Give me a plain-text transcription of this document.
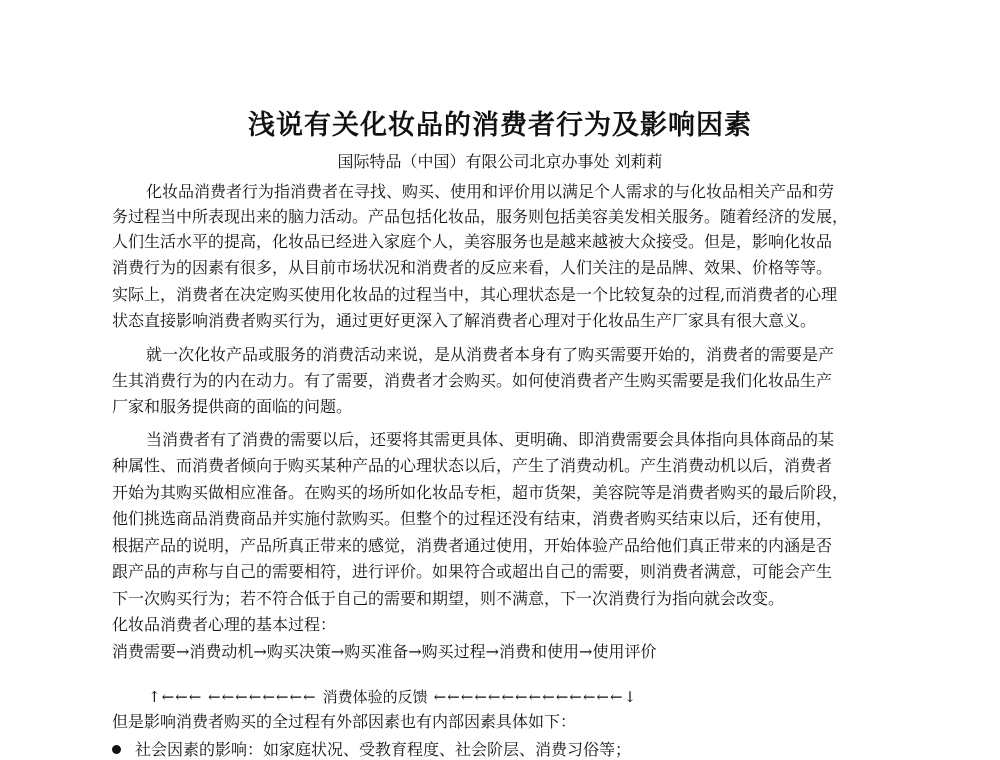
浅说有关化妆品的消费者行为及影响因素
国际特品（中国）有限公司北京办事处 刘莉莉
化妆品消费者行为指消费者在寻找、购买、使用和评价用以满足个人需求的与化妆品相关产品和劳
务过程当中所表现出来的脑力活动。产品包括化妆品，服务则包括美容美发相关服务。随着经济的发展，
人们生活水平的提高，化妆品已经进入家庭个人，美容服务也是越来越被大众接受。但是，影响化妆品
消费行为的因素有很多，从目前市场状况和消费者的反应来看，人们关注的是品牌、效果、价格等等。
实际上，消费者在决定购买使用化妆品的过程当中，其心理状态是一个比较复杂的过程,而消费者的心理
状态直接影响消费者购买行为，通过更好更深入了解消费者心理对于化妆品生产厂家具有很大意义。
就一次化妆产品或服务的消费活动来说，是从消费者本身有了购买需要开始的，消费者的需要是产
生其消费行为的内在动力。有了需要，消费者才会购买。如何使消费者产生购买需要是我们化妆品生产
厂家和服务提供商的面临的问题。
当消费者有了消费的需要以后，还要将其需更具体、更明确、即消费需要会具体指向具体商品的某
种属性、而消费者倾向于购买某种产品的心理状态以后，产生了消费动机。产生消费动机以后，消费者
开始为其购买做相应准备。在购买的场所如化妆品专柜，超市货架，美容院等是消费者购买的最后阶段，
他们挑选商品消费商品并实施付款购买。但整个的过程还没有结束，消费者购买结束以后，还有使用，
根据产品的说明，产品所真正带来的感觉，消费者通过使用，开始体验产品给他们真正带来的内涵是否
跟产品的声称与自己的需要相符，进行评价。如果符合或超出自己的需要，则消费者满意，可能会产生
下一次购买行为；若不符合低于自己的需要和期望，则不满意，下一次消费行为指向就会改变。
化妆品消费者心理的基本过程：
消费需要→消费动机→购买决策→购买准备→购买过程→消费和使用→使用评价
↑←←← ←←←←←←←← 消费体验的反馈 ←←←←←←←←←←←←←←↓
但是影响消费者购买的全过程有外部因素也有内部因素具体如下：
社会因素的影响：如家庭状况、受教育程度、社会阶层、消费习俗等；
